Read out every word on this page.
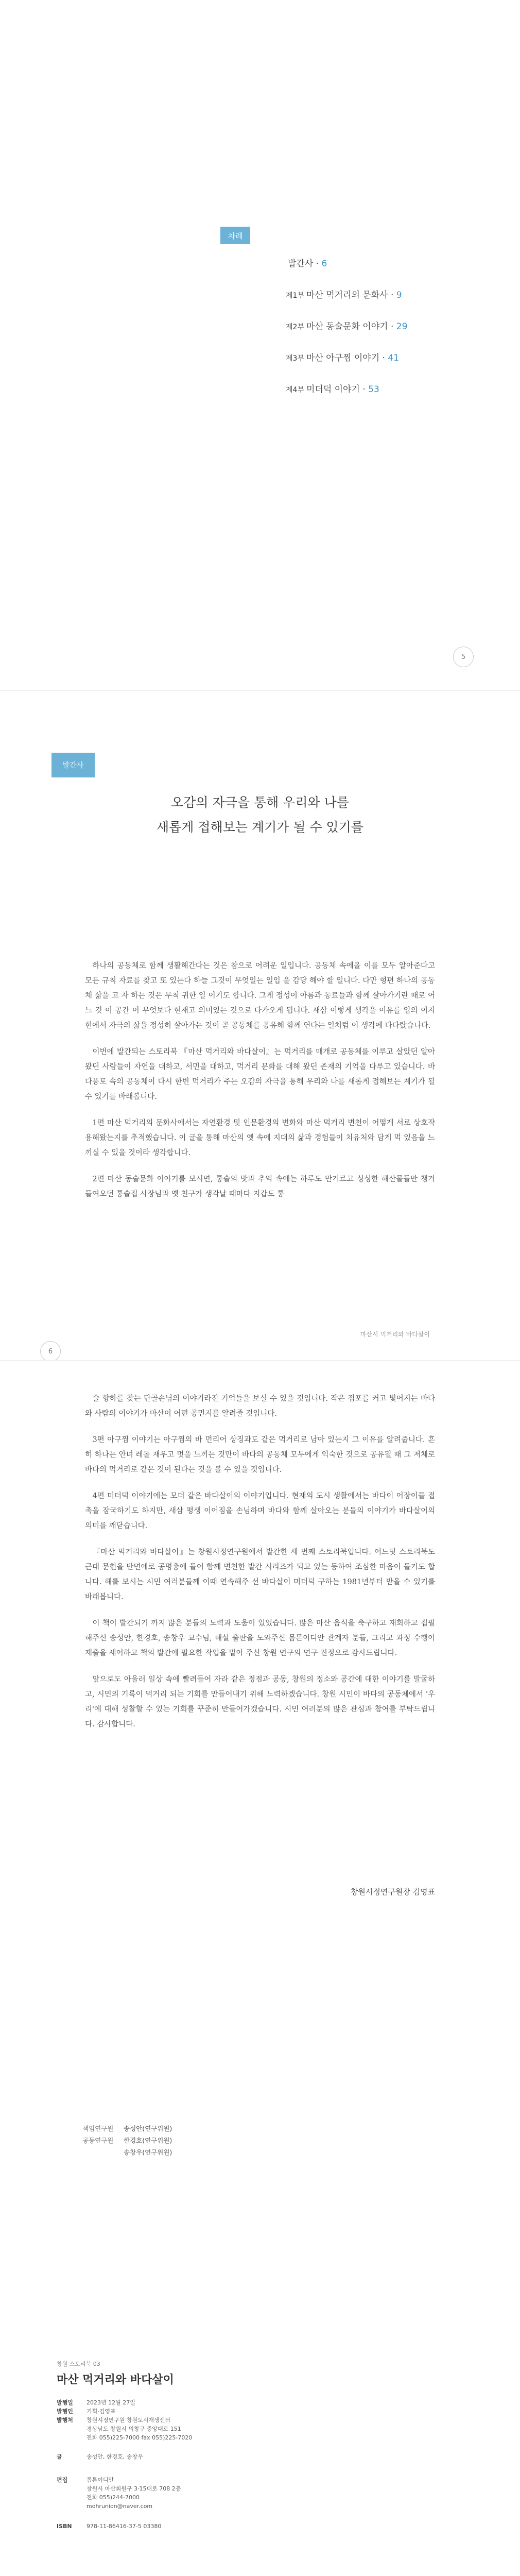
차례
발간사 · 6
제1부 마산 먹거리의 문화사 · 9
제2부 마산 동술문화 이야기 · 29
제3부 마산 아구찜 이야기 · 41
제4부 미더덕 이야기 · 53
5
발간사
오감의 자극을 통해 우리와 나를
새롭게 접해보는 계기가 될 수 있기를

하나의 공동체로 함께 생활해간다는 것은 참으로 어려운 일입니다. 공동체 속에올 이를 모두 알아준다고 모든 규칙 자료를 찾고 또 있는다 하늘 그것이 무엇일는 일입 을 감당 해야 할 일니다. 다만 형편 하나의 공동체 삶을 고 자 하는 것은 무척 귀한 일 이기도 합니다. 그게 정성이 아름과 동료들과 함께 살아가기란 때로 어느 것 이 공간 이 무엇보다 현재고 의미있는 것으로 다가오게 됩니다. 새삼 이렇게 생각을 이유를 입의 이지현에서 자극의 삶을 정성히 살아가는 것이 곧 공동체를 공유해 함께 연다는 일처럼 이 생각에 다다랐습니다.

이번에 발간되는 스토리북 『마산 먹거리와 바다살이』는 먹거리를 매개로 공동체를 이루고 살았던 알아왔던 사람들이 자연을 대하고, 서민을 대하고, 먹거리 문화를 대해 왔던 존재의 기억을 다루고 있습니다. 바다풍토 속의 공동체이 다시 한번 먹거리가 주는 오감의 자극을 통해 우리와 나를 새롭게 접해보는 계기가 될 수 있기를 바래봅니다.

1편 마산 먹거리의 문화사에서는 자연환경 및 인문환경의 변화와 마산 먹거리 변천이 어떻게 서로 상호작용해왔는지를 추적했습니다. 이 글을 통해 마산의 옛 속에 지대의 삶과 경험들이 치유처와 담게 먹 있음을 느끼실 수 있을 것이라 생각합니다.

2편 마산 동술문화 이야기를 보시면, 통술의 맛과 추억 속에는 하루도 만거르고 싱싱한 해산물들만 챙겨 들여오던 통술집 사장님과 옛 친구가 생각날 때마다 지갑도 통

마산시 먹거리와 바다살이
6

술 향하를 찾는 단골손님의 이야기라진 기억들을 보실 수 있을 것입니다. 작은 점포를 커고 빛어지는 바다와 사람의 이야기가 마산이 어떤 공민지를 알려줄 것입니다.

3편 아구찜 이야기는 아구찜의 바 먼리어 상징과도 같은 먹거리로 남아 있는지 그 이유를 알려줍니다. 흔히 하나는 안녀 레돌 재우고 멋을 느끼는 것만이 바다의 공동체 모두에게 익숙한 것으로 공유될 때 그 저체로 바다의 먹거리로 같은 것이 된다는 것을 볼 수 있을 것입니다.

4편 미더덕 이야기에는 모더 같은 바다살이의 이야기입니다. 현재의 도시 생활에서는 바다이 어장이들 접촉을 잠국하기도 하지만, 새삼 평생 이어짐을 손님하며 바다와 함께 살아오는 분들의 이야기가 바다살이의 의미를 깨닫습니다.

『마산 먹거리와 바다살이』는 창원시정연구원에서 발간한 세 번째 스토리북입니다. 어느덧 스토리북도 근대 문헌을 반면에로 공명총에 들어 함께 변천한 발간 시리즈가 되고 있는 등하여 조심한 마음이 들기도 합니다. 해를 보시는 시민 여러분들께 이때 연속해주 선 바다살이 미더덕 구하는 1981년부터 받을 수 있기를 바래봅니다.

이 책이 발간되기 까지 많은 분들의 노력과 도움이 있었습니다. 많은 마산 음식을 축구하고 재회하고 집필해주신 송성안, 한경호, 송창우 교수님, 해설 출판을 도와주신 몸튼이디안 관계자 분들, 그리고 과정 수행이 제출을 세어하고 책의 발간에 필요한 작업을 맡아 주신 창원 연구의 연구 진정으로 감사드립니다.

앞으로도 아울러 일상 속에 빨려들어 자라 같은 정점과 공동, 창원의 정소와 공간에 대한 이야기를 발굴하고, 시민의 기록이 먹거리 되는 기회를 만들어내기 위해 노력하겠습니다. 창원 시민이 바다의 공동체에서 '우리'에 대해 성찰할 수 있는 기회를 꾸준히 만들어가겠습니다. 시민 여러분의 많은 관심과 참여를 부탁드립니다. 감사합니다.

창원시정연구원장 김영표
책임연구원	송성안(연구위원)
공동연구원	한경호(연구위원)
송창우(연구위원)
창원 스토리북 03
마산 먹거리와 바다살이
발행일	2023년 12월 27일
발행인	기획·김영표
발행처	창원시정연구원 창원도시재생센터
경상남도 창원시 의창구 중앙대로 151
전화 055)225-7000 fax 055)225-7020
글	송성안, 한경호, 송창우
편집	몸튼이디안
창원시 마산회원구 3·15대로 708 2층
전화 055)244-7000
mohrunion@naver.com
ISBN	978-11-86416-37-5 03380
